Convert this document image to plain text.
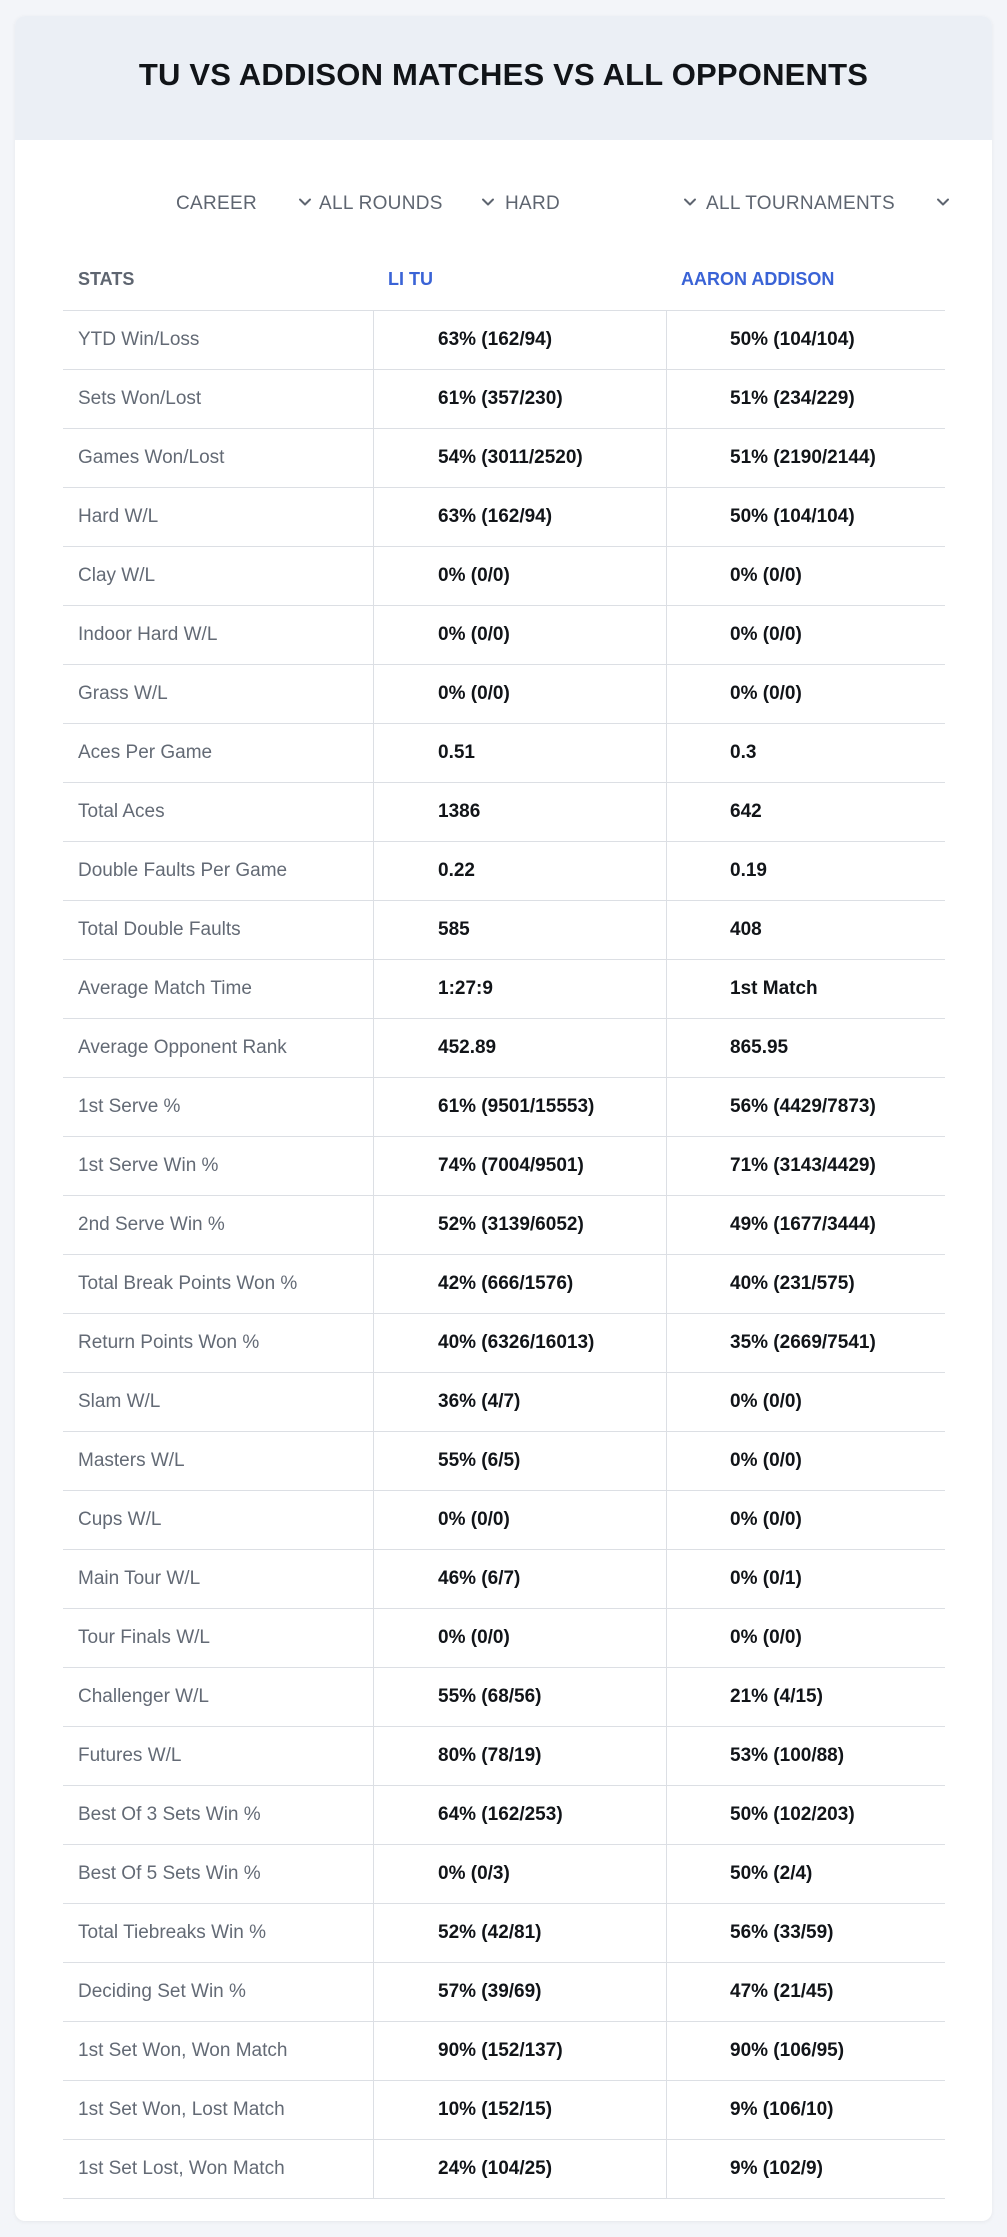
TU VS ADDISON MATCHES VS ALL OPPONENTS
CAREER	ALL ROUNDS	HARD	ALL TOURNAMENTS
STATS	LI TU	AARON ADDISON
YTD Win/Loss	63% (162/94)	50% (104/104)
Sets Won/Lost	61% (357/230)	51% (234/229)
Games Won/Lost	54% (3011/2520)	51% (2190/2144)
Hard W/L	63% (162/94)	50% (104/104)
Clay W/L	0% (0/0)	0% (0/0)
Indoor Hard W/L	0% (0/0)	0% (0/0)
Grass W/L	0% (0/0)	0% (0/0)
Aces Per Game	0.51	0.3
Total Aces	1386	642
Double Faults Per Game	0.22	0.19
Total Double Faults	585	408
Average Match Time	1:27:9	1st Match
Average Opponent Rank	452.89	865.95
1st Serve %	61% (9501/15553)	56% (4429/7873)
1st Serve Win %	74% (7004/9501)	71% (3143/4429)
2nd Serve Win %	52% (3139/6052)	49% (1677/3444)
Total Break Points Won %	42% (666/1576)	40% (231/575)
Return Points Won %	40% (6326/16013)	35% (2669/7541)
Slam W/L	36% (4/7)	0% (0/0)
Masters W/L	55% (6/5)	0% (0/0)
Cups W/L	0% (0/0)	0% (0/0)
Main Tour W/L	46% (6/7)	0% (0/1)
Tour Finals W/L	0% (0/0)	0% (0/0)
Challenger W/L	55% (68/56)	21% (4/15)
Futures W/L	80% (78/19)	53% (100/88)
Best Of 3 Sets Win %	64% (162/253)	50% (102/203)
Best Of 5 Sets Win %	0% (0/3)	50% (2/4)
Total Tiebreaks Win %	52% (42/81)	56% (33/59)
Deciding Set Win %	57% (39/69)	47% (21/45)
1st Set Won, Won Match	90% (152/137)	90% (106/95)
1st Set Won, Lost Match	10% (152/15)	9% (106/10)
1st Set Lost, Won Match	24% (104/25)	9% (102/9)
